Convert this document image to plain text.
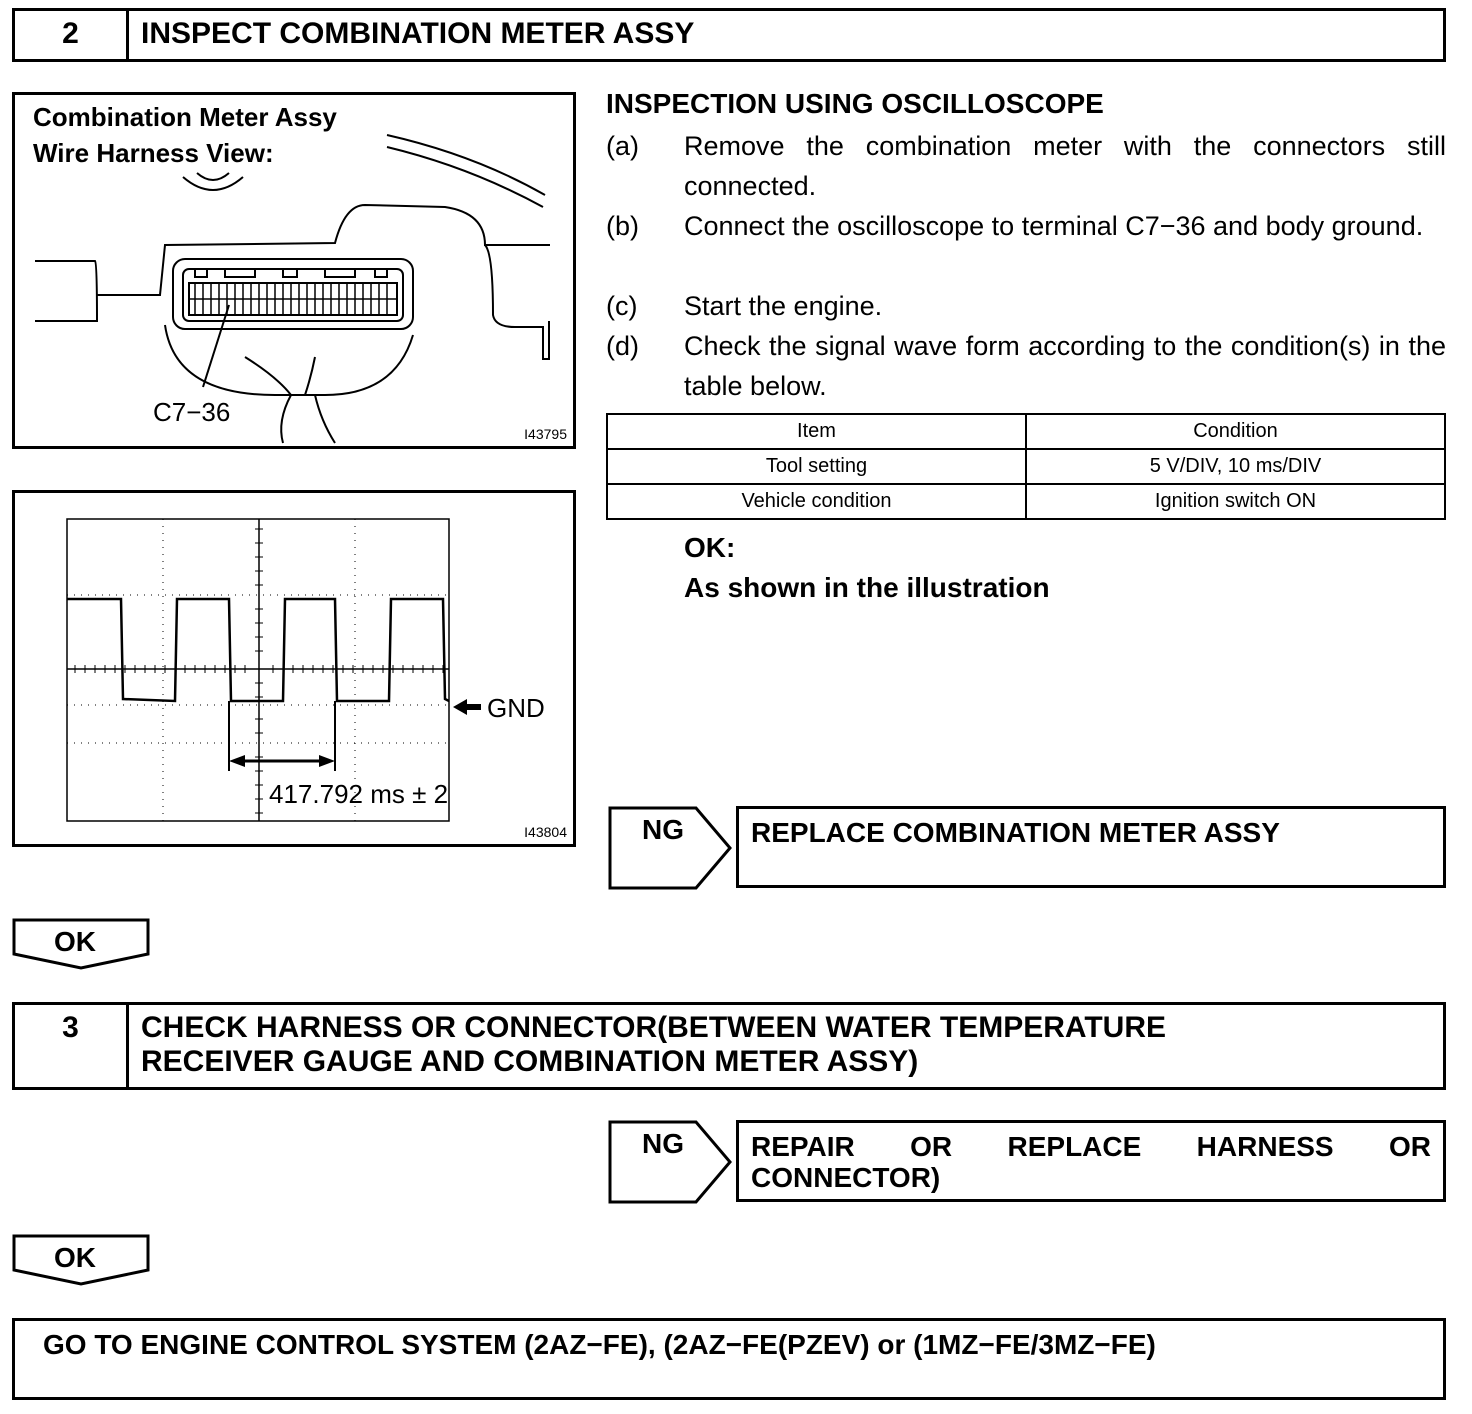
2	INSPECT COMBINATION METER ASSY
Combination Meter Assy
Wire Harness View:
C7−36
I43795
GND
417.792 ms ± 2
I43804
INSPECTION USING OSCILLOSCOPE
(a) Remove the combination meter with the connectors still connected.
(b) Connect the oscilloscope to terminal C7−36 and body ground.
(c) Start the engine.
(d) Check the signal wave form according to the condition(s) in the table below.
Item	Condition
Tool setting	5 V/DIV, 10 ms/DIV
Vehicle condition	Ignition switch ON
OK:
As shown in the illustration
NG	REPLACE COMBINATION METER ASSY
OK
3	CHECK HARNESS OR CONNECTOR(BETWEEN WATER TEMPERATURE
RECEIVER GAUGE AND COMBINATION METER ASSY)
NG REPAIR OR REPLACE HARNESS OR
CONNECTOR)
OK
GO TO ENGINE CONTROL SYSTEM (2AZ−FE), (2AZ−FE(PZEV) or (1MZ−FE/3MZ−FE)
